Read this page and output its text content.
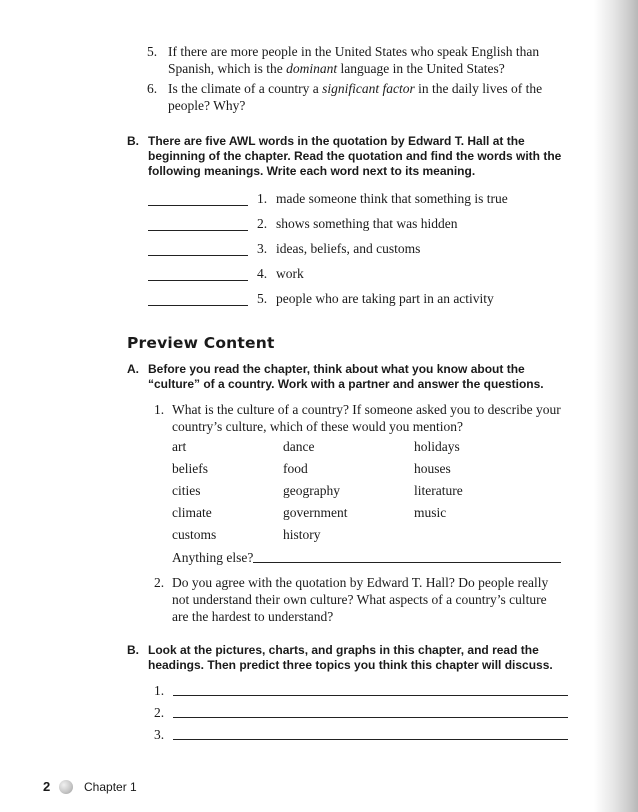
5. If there are more people in the United States who speak English than Spanish, which is the dominant language in the United States?
6. Is the climate of a country a significant factor in the daily lives of the people? Why?
B. There are five AWL words in the quotation by Edward T. Hall at the beginning of the chapter. Read the quotation and find the words with the following meanings. Write each word next to its meaning.
1. made someone think that something is true
2. shows something that was hidden
3. ideas, beliefs, and customs
4. work
5. people who are taking part in an activity
Preview Content
A. Before you read the chapter, think about what you know about the “culture” of a country. Work with a partner and answer the questions.
1. What is the culture of a country? If someone asked you to describe your country’s culture, which of these would you mention?
art
beliefs
cities
climate
customs
dance
food
geography
government
history
holidays
houses
literature
music
Anything else?
2. Do you agree with the quotation by Edward T. Hall? Do people really not understand their own culture? What aspects of a country’s culture are the hardest to understand?
B. Look at the pictures, charts, and graphs in this chapter, and read the headings. Then predict three topics you think this chapter will discuss.
1.
2.
3.
2	Chapter 1
